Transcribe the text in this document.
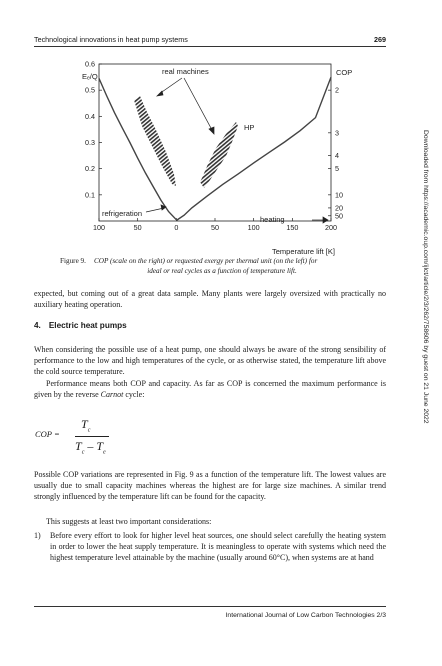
Technological innovations in heat pump systems	269
Downloaded from https://academic.oup.com/ijlct/article/2/3/262/758606 by guest on 21 June 2022
100	50	0	50	100	150	200
0.1
0.2
0.3
0.4
0.5
0.6
2
3
4
5
10
20
50
Eₑ/Q	COP
real machines
HP
refrigeration
heating
Temperature lift [K]
Figure 9. COP (scale on the right) or requested exergy per thermal unit (on the left) for
ideal or real cycles as a function of temperature lift.
expected, but coming out of a great data sample. Many plants were largely oversized with practically no auxiliary heating operation.
4. Electric heat pumps
When considering the possible use of a heat pump, one should always be aware of the strong sensibility of performance to the low and high temperatures of the cycle, or as otherwise stated, the temperature lift above the cold source temperature.
Performance means both COP and capacity. As far as COP is concerned the maximum performance is given by the reverse Carnot cycle:
COP =
$T_c$
$T_c - T_e$
Possible COP variations are represented in Fig. 9 as a function of the temperature lift. The lowest values are usually due to small capacity machines whereas the highest are for large size machines. A similar trend strongly influenced by the temperature lift can be found for the capacity.
This suggests at least two important considerations:
1) Before every effort to look for higher level heat sources, one should select carefully the heating system in order to lower the heat supply temperature. It is meaningless to operate with systems which need the highest temperature level attainable by the machine (usually around 60°C), when systems are at hand
International Journal of Low Carbon Technologies 2/3
